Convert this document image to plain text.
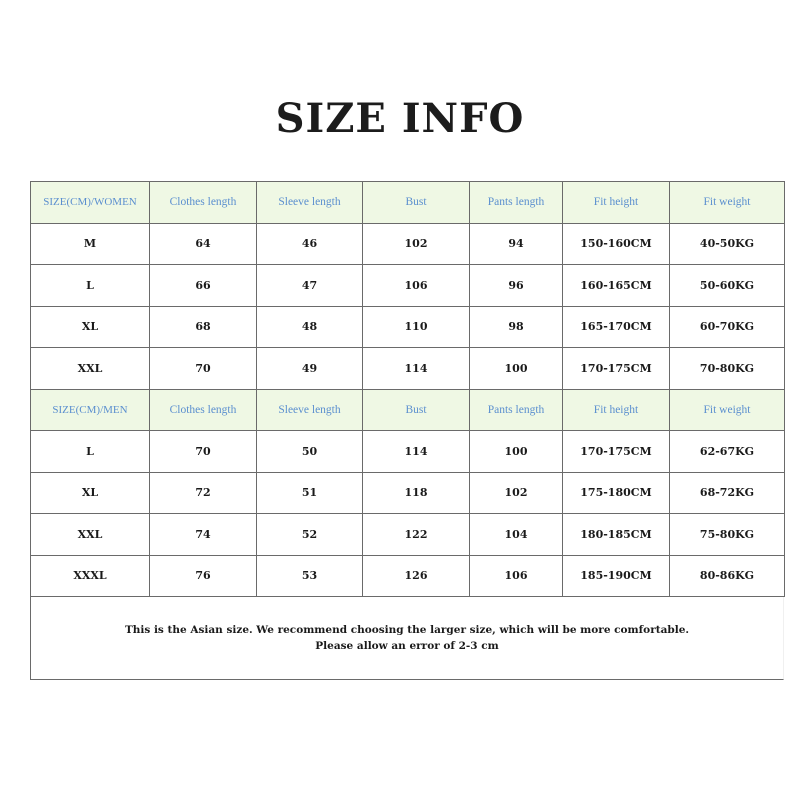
SIZE INFO
SIZE(CM)/WOMEN	Clothes length	Sleeve length	Bust	Pants length	Fit height	Fit weight
M	64	46	102	94	150-160CM	40-50KG
L	66	47	106	96	160-165CM	50-60KG
XL	68	48	110	98	165-170CM	60-70KG
XXL	70	49	114	100	170-175CM	70-80KG
SIZE(CM)/MEN	Clothes length	Sleeve length	Bust	Pants length	Fit height	Fit weight
L	70	50	114	100	170-175CM	62-67KG
XL	72	51	118	102	175-180CM	68-72KG
XXL	74	52	122	104	180-185CM	75-80KG
XXXL	76	53	126	106	185-190CM	80-86KG
This is the Asian size. We recommend choosing the larger size, which will be more comfortable.
Please allow an error of 2-3 cm
